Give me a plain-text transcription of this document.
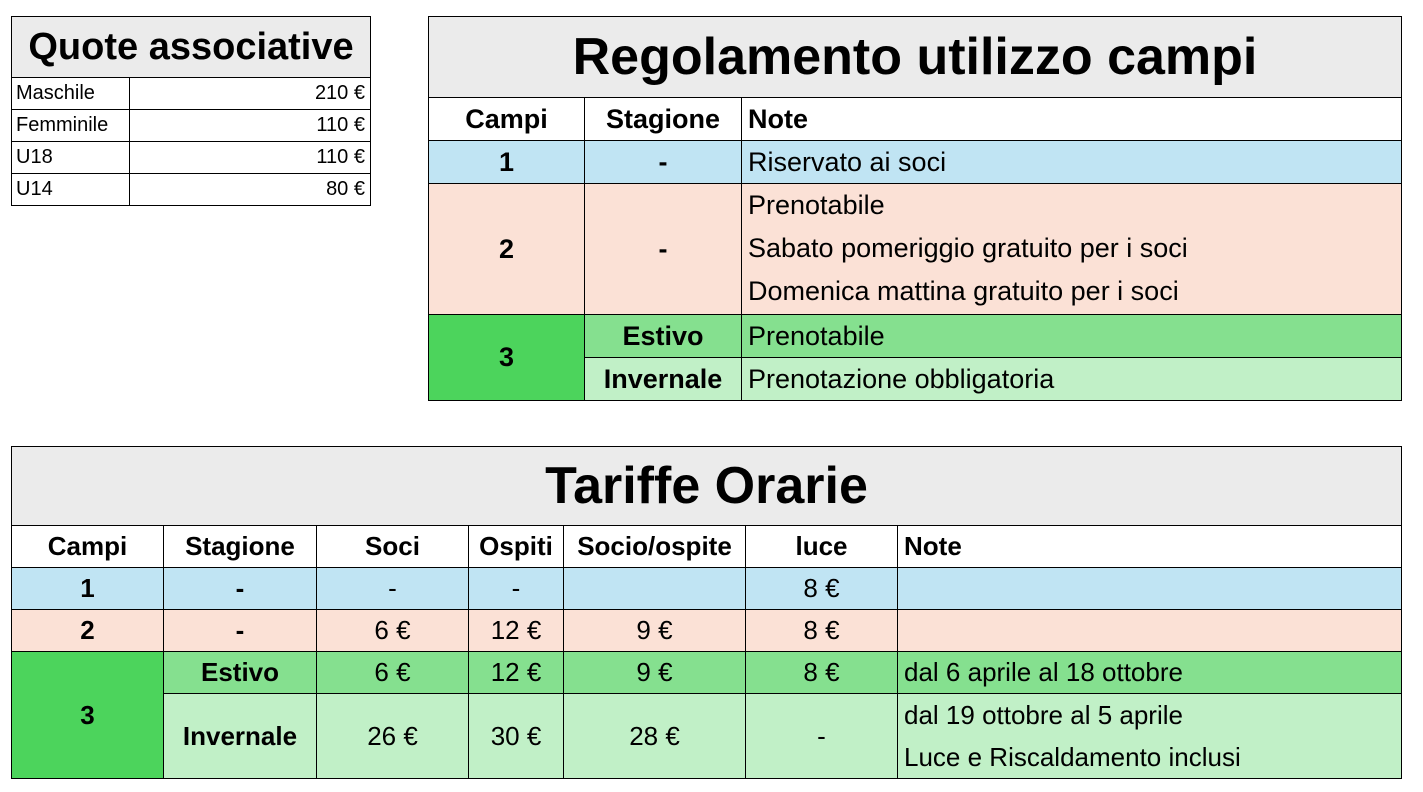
Quote associative	
Maschile	210 €
Femminile	110 €
U18	110 €
U14	80 €
Regolamento utilizzo campi		
Campi	Stagione	Note
1	-	Riservato ai soci
2	-	Prenotabile
Sabato pomeriggio gratuito per i soci
Domenica mattina gratuito per i soci

3	Estivo	Prenotabile
	Invernale	Prenotazione obbligatoria
Tariffe Orarie						
Campi	Stagione	Soci	Ospiti	Socio/ospite	luce	Note
1	-	-	-		8 €	
2	-	6 €	12 €	9 €	8 €	
3	Estivo	6 €	12 €	9 €	8 €	dal 6 aprile al 18 ottobre
	Invernale	26 €	30 €	28 €	-	dal 19 ottobre al 5 aprile
Luce e Riscaldamento inclusi
